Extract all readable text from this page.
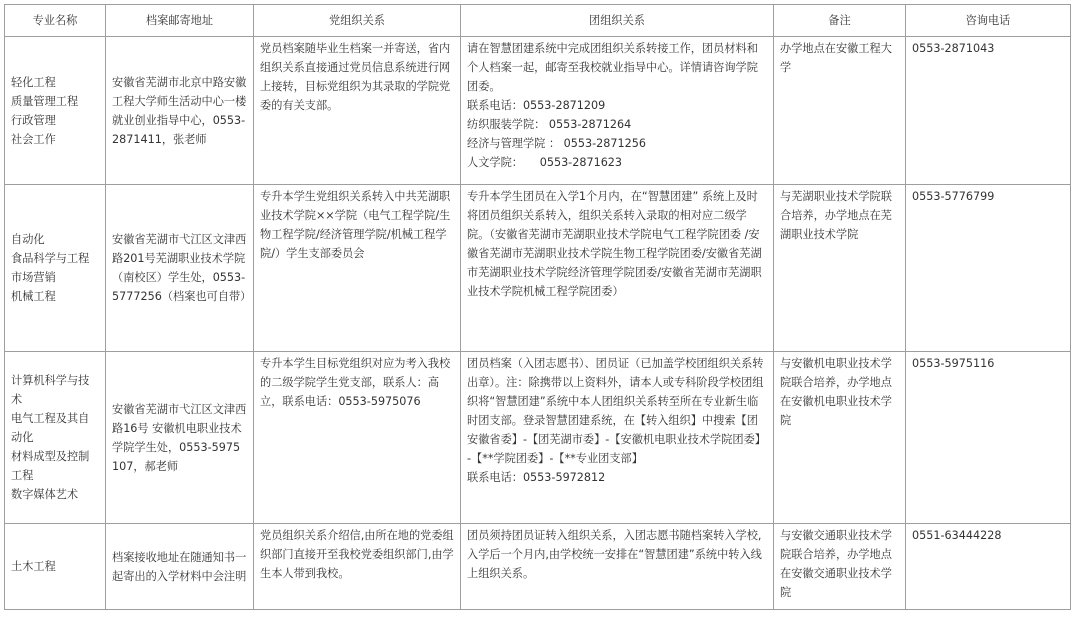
专业名称	档案邮寄地址	党组织关系	团组织关系	备注	咨询电话

轻化工程
质量管理工程
行政管理
社会工作	安徽省芜湖市北京中路安徽工程大学师生活动中心一楼就业创业指导中心，0553-2871411，张老师	党员档案随毕业生档案一并寄送，省内组织关系直接通过党员信息系统进行网上接转，目标党组织为其录取的学院党委的有关支部。	请在智慧团建系统中完成团组织关系转接工作，团员材料和个人档案一起，邮寄至我校就业指导中心。详情请咨询学院团委。
联系电话：0553-2871209
纺织服装学院： 0553-2871264
经济与管理学院 ： 0553-2871256
人文学院：　　0553-2871623	办学地点在安徽工程大学	0553-2871043

自动化
食品科学与工程
市场营销
机械工程	安徽省芜湖市弋江区文津西路201号芜湖职业技术学院（南校区）学生处，0553-5777256（档案也可自带）	专升本学生党组织关系转入中共芜湖职业技术学院××学院（电气工程学院/生物工程学院/经济管理学院/机械工程学院/）学生支部委员会	专升本学生团员在入学1个月内，在“智慧团建” 系统上及时将团员组织关系转入，组织关系转入录取的相对应二级学院。（安徽省芜湖市芜湖职业技术学院电气工程学院团委 /安徽省芜湖市芜湖职业技术学院生物工程学院团委/安徽省芜湖市芜湖职业技术学院经济管理学院团委/安徽省芜湖市芜湖职业技术学院机械工程学院团委）	与芜湖职业技术学院联合培养，办学地点在芜湖职业技术学院	0553-5776799

计算机科学与技术
电气工程及其自动化
材料成型及控制工程
数字媒体艺术	安徽省芜湖市弋江区文津西路16号 安徽机电职业技术学院学生处，0553-5975107，郝老师	专升本学生目标党组织对应为考入我校的二级学院学生党支部，联系人：高立，联系电话：0553-5975076	团员档案（入团志愿书）、团员证（已加盖学校团组织关系转出章）。注：除携带以上资料外，请本人或专科阶段学校团组织将“智慧团建”系统中本人团组织关系转至所在专业新生临时团支部。登录智慧团建系统，在【转入组织】中搜索【团安徽省委】-【团芜湖市委】-【安徽机电职业技术学院团委】-【**学院团委】-【**专业团支部】
联系电话：0553-5972812	与安徽机电职业技术学院联合培养，办学地点在安徽机电职业技术学院	0553-5975116

土木工程	档案接收地址在随通知书一起寄出的入学材料中会注明	党员组织关系介绍信,由所在地的党委组织部门直接开至我校党委组织部门,由学生本人带到我校。	团员须持团员证转入组织关系，入团志愿书随档案转入学校,入学后一个月内,由学校统一安排在“智慧团建”系统中转入线上组织关系。	与安徽交通职业技术学院联合培养，办学地点在安徽交通职业技术学院	0551-63444228
